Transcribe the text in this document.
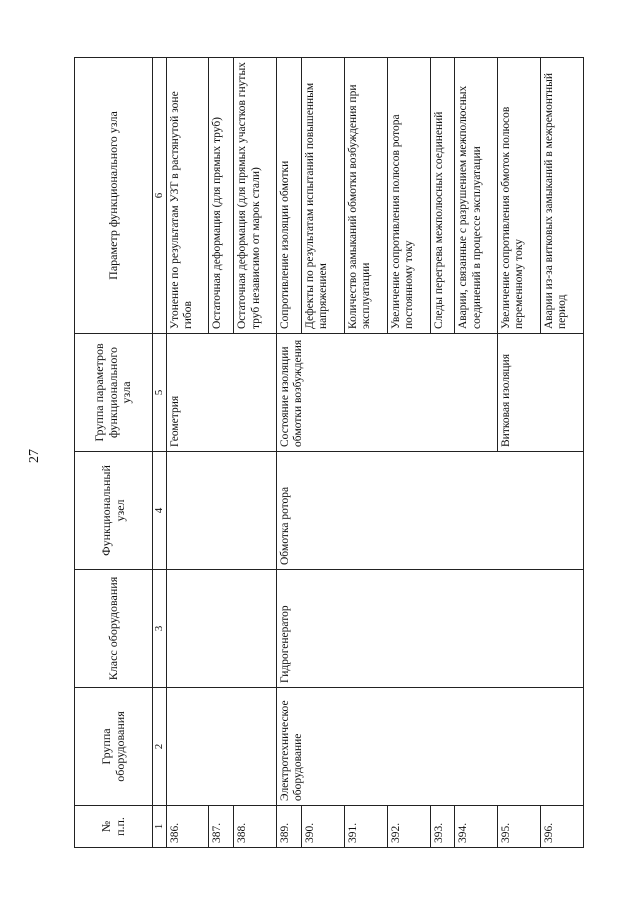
27
№ п.п.	Группа оборудования	Класс оборудования	Функциональный узел	Группа параметров функционального узла	Параметр функционального узла
1	2	3	4	5	6
386.				Геометрия	Утонение по результатам УЗТ в растянутой зоне гибов
387.					Остаточная деформация (для прямых труб)
388.					Остаточная деформация (для прямых участков гнутых труб независимо от марок стали)
389.	Электротехническое оборудование	Гидрогенератор	Обмотка ротора	Состояние изоляции обмотки возбуждения	Сопротивление изоляции обмотки
390.					Дефекты по результатам испытаний повышенным напряжением
391.					Количество замыканий обмотки возбуждения при эксплуатации
392.					Увеличение сопротивления полюсов ротора постоянному току
393.					Следы перегрева межполюсных соединений
394.					Аварии, связанные с разрушением межполюсных соединений в процессе эксплуатации
395.				Витковая изоляция	Увеличение сопротивления обмоток полюсов переменному току
396.					Аварии из-за витковых замыканий в межремонтный период
